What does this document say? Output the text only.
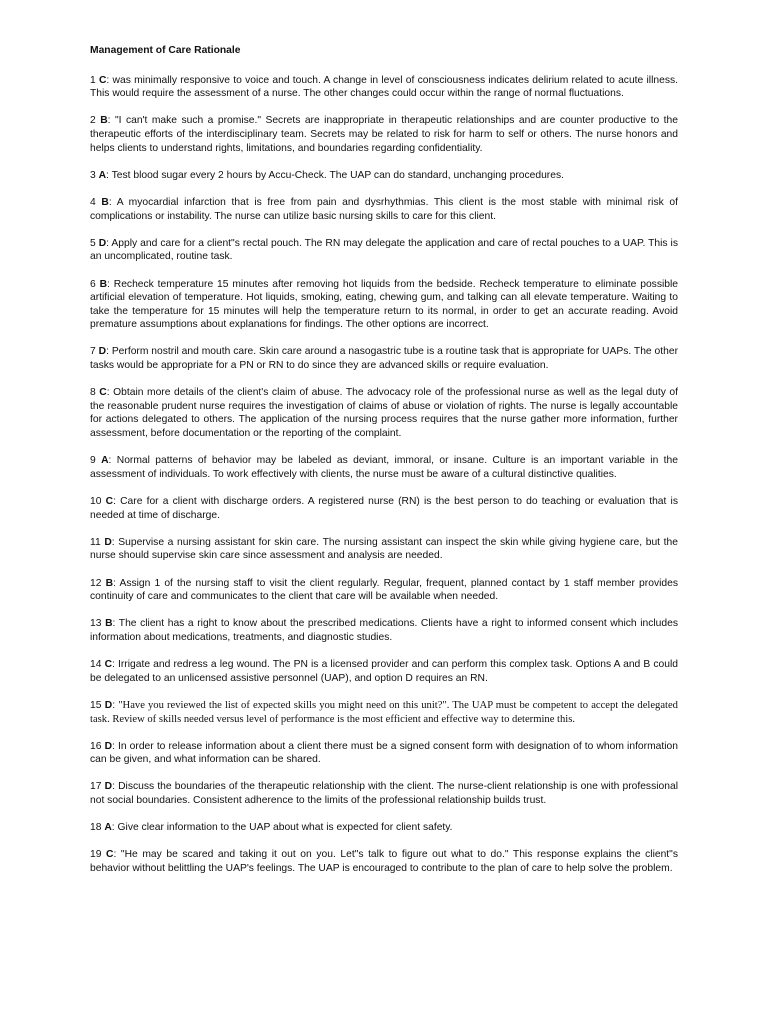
Management of Care Rationale
1 C: was minimally responsive to voice and touch. A change in level of consciousness indicates delirium related to acute illness. This would require the assessment of a nurse. The other changes could occur within the range of normal fluctuations.
2 B: "I can't make such a promise." Secrets are inappropriate in therapeutic relationships and are counter productive to the therapeutic efforts of the interdisciplinary team. Secrets may be related to risk for harm to self or others. The nurse honors and helps clients to understand rights, limitations, and boundaries regarding confidentiality.
3 A: Test blood sugar every 2 hours by Accu-Check. The UAP can do standard, unchanging procedures.
4 B: A myocardial infarction that is free from pain and dysrhythmias. This client is the most stable with minimal risk of complications or instability. The nurse can utilize basic nursing skills to care for this client.
5 D: Apply and care for a client"s rectal pouch. The RN may delegate the application and care of rectal pouches to a UAP. This is an uncomplicated, routine task.
6 B: Recheck temperature 15 minutes after removing hot liquids from the bedside. Recheck temperature to eliminate possible artificial elevation of temperature. Hot liquids, smoking, eating, chewing gum, and talking can all elevate temperature. Waiting to take the temperature for 15 minutes will help the temperature return to its normal, in order to get an accurate reading. Avoid premature assumptions about explanations for findings. The other options are incorrect.
7 D: Perform nostril and mouth care. Skin care around a nasogastric tube is a routine task that is appropriate for UAPs. The other tasks would be appropriate for a PN or RN to do since they are advanced skills or require evaluation.
8 C: Obtain more details of the client's claim of abuse. The advocacy role of the professional nurse as well as the legal duty of the reasonable prudent nurse requires the investigation of claims of abuse or violation of rights. The nurse is legally accountable for actions delegated to others. The application of the nursing process requires that the nurse gather more information, further assessment, before documentation or the reporting of the complaint.
9 A: Normal patterns of behavior may be labeled as deviant, immoral, or insane. Culture is an important variable in the assessment of individuals. To work effectively with clients, the nurse must be aware of a cultural distinctive qualities.
10 C: Care for a client with discharge orders. A registered nurse (RN) is the best person to do teaching or evaluation that is needed at time of discharge.
11 D: Supervise a nursing assistant for skin care. The nursing assistant can inspect the skin while giving hygiene care, but the nurse should supervise skin care since assessment and analysis are needed.
12 B: Assign 1 of the nursing staff to visit the client regularly. Regular, frequent, planned contact by 1 staff member provides continuity of care and communicates to the client that care will be available when needed.
13 B: The client has a right to know about the prescribed medications. Clients have a right to informed consent which includes information about medications, treatments, and diagnostic studies.
14 C: Irrigate and redress a leg wound. The PN is a licensed provider and can perform this complex task. Options A and B could be delegated to an unlicensed assistive personnel (UAP), and option D requires an RN.
15 D: "Have you reviewed the list of expected skills you might need on this unit?". The UAP must be competent to accept the delegated task. Review of skills needed versus level of performance is the most efficient and effective way to determine this.
16 D: In order to release information about a client there must be a signed consent form with designation of to whom information can be given, and what information can be shared.
17 D: Discuss the boundaries of the therapeutic relationship with the client. The nurse-client relationship is one with professional not social boundaries. Consistent adherence to the limits of the professional relationship builds trust.
18 A: Give clear information to the UAP about what is expected for client safety.
19 C: "He may be scared and taking it out on you. Let"s talk to figure out what to do." This response explains the client"s behavior without belittling the UAP's feelings. The UAP is encouraged to contribute to the plan of care to help solve the problem.
